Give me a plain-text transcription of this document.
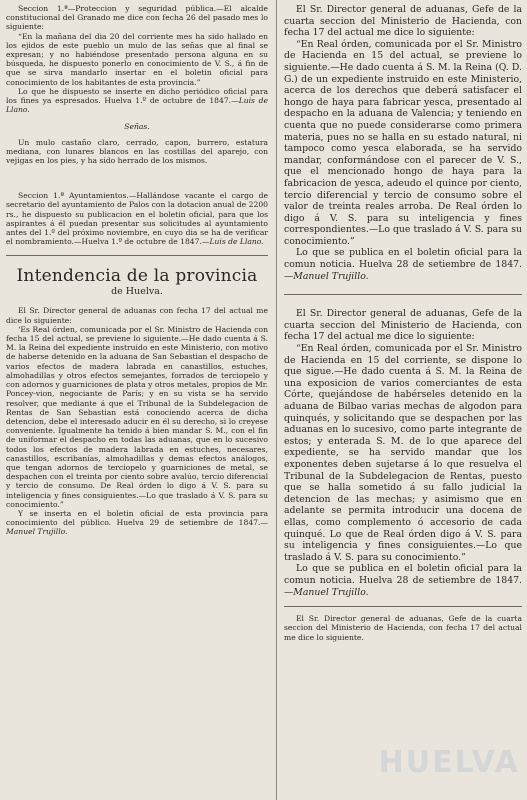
Seccion 1.ª—Proteccion y seguridad pública.—El alcalde constitucional del Granado me dice con fecha 26 del pasado mes lo siguiente:

“En la mañana del dia 20 del corriente mes ha sido hallado en los ejidos de este pueblo un mulo de las señas que al final se expresan; y no habiéndose presentado persona alguna en su búsqueda, he dispuesto ponerlo en conocimiento de V. S., á fin de que se sirva mandarlo insertar en el boletin oficial para conocimiento de los habitantes de esta provincia.”

Lo que he dispuesto se inserte en dicho periódico oficial para los fines ya espresados. Huelva 1.º de octubre de 1847.—Luis de Llano.

Señas.

Un mulo castaño claro, cerrado, capon, burrero, estatura mediana, con lunares blancos en las costillas del aparejo, con vejigas en los pies, y ha sido herrado de los mismos.

Seccion 1.ª Ayuntamientos.—Hallándose vacante el cargo de secretario del ayuntamiento de Palos con la dotacion anual de 2200 rs., he dispuesto su publicacion en el boletin oficial, para que los aspirantes á él puedan presentar sus solicitudes al ayuntamiento antes del 1.º del próximo noviembre, en cuyo dia se ha de verificar el nombramiento.—Huelva 1.º de octubre de 1847.—Luis de Llano.

Intendencia de la provincia
de Huelva.

El Sr. Director general de aduanas con fecha 17 del actual me dice lo siguiente:

‘Es Real órden, comunicada por el Sr. Ministro de Hacienda con fecha 15 del actual, se previene lo siguiente.—He dado cuenta á S. M. la Reina del expediente instruido en este Ministerio, con motivo de haberse detenido en la aduana de San Sebastian el despacho de varios efectos de madera labrada en canastillos, estuches, almohadillas y otros efectos semejantes, forrados de terciopelo y con adornos y guarniciones de plata y otros metales, propios de Mr. Poncey-vion, negociante de París; y en su vista se ha servido resolver, que mediante á que el Tribunal de la Subdelegacion de Rentas de San Sebastian está conociendo acerca de dicha detencion, debe el interesado aducir en él su derecho, si lo creyese conveniente. Igualmente ha tenido á bien mandar S. M., con el fin de uniformar el despacho en todas las aduanas, que en lo sucesivo todos los efectos de madera labrada en estuches, necesares, canastillos, escribanías, almohadillas y demas efectos análogos, que tengan adornos de terciopelo y guarniciones de metal, se despachen con el treinta por ciento sobre avalúo, tercio diferencial y tercio de consumo. De Real órden lo digo á V. S. para su inteligencia y fines consiguientes.—Lo que traslado á V. S. para su conocimiento.”

Y se inserta en el boletin oficial de esta provincia para conocimiento del público. Huelva 29 de setiembre de 1847.—Manuel Trujillo.

El Sr. Director general de aduanas, Gefe de la cuarta seccion del Ministerio de Hacienda, con fecha 17 del actual me dice lo siguiente:

“En Real órden, comunicada por el Sr. Ministro de Hacienda en 15 del actual, se previene lo siguiente.—He dado cuenta á S. M. la Reina (Q. D. G.) de un expediente instruido en este Ministerio, acerca de los derechos que deberá satisfacer el hongo de haya para fabricar yesca, presentado al despacho en la aduana de Valencia; y teniendo en cuenta que no puede considerarse como primera materia, pues no se halla en su estado natural, ni tampoco como yesca elaborada, se ha servido mandar, conformándose con el parecer de V. S., que el mencionado hongo de haya para la fabricacion de yesca, adeudo el quince por ciento, tercio diferencial y tercio de consumo sobre el valor de treinta reales arroba. De Real órden lo digo á V. S. para su inteligencia y fines correspondientes.—Lo que traslado á V. S. para su conocimiento.”

Lo que se publica en el boletin oficial para la comun noticia. Huelva 28 de setiembre de 1847.—Manuel Trujillo.

El Sr. Director general de aduanas, Gefe de la cuarta seccion del Ministerio de Hacienda, con fecha 17 del actual me dice lo siguiente:

“En Real órden, comunicada por el Sr. Ministro de Hacienda en 15 del corriente, se dispone lo que sigue.—He dado cuenta á S. M. la Reina de una exposicion de varios comerciantes de esta Córte, quejándose de habérseles detenido en la aduana de Bilbao varias mechas de algodon para quinqués, y solicitando que se despachen por las aduanas en lo sucesivo, como parte integrante de estos; y enterada S. M. de lo que aparece del expediente, se ha servido mandar que los exponentes deben sujetarse á lo que resuelva el Tribunal de la Subdelegacion de Rentas, puesto que se halla sometido á su fallo judicial la detencion de las mechas; y asimismo que en adelante se permita introducir una docena de ellas, como complemento ó accesorio de cada quinqué. Lo que de Real órden digo á V. S. para su inteligencia y fines consiguientes.—Lo que traslado á V. S. para su conocimiento.”

Lo que se publica en el boletin oficial para la comun noticia. Huelva 28 de setiembre de 1847.—Manuel Trujillo.

El Sr. Director general de aduanas, Gefe de la cuarta seccion del Ministerio de Hacienda, con fecha 17 del actual me dice lo siguiente.

HUELVA
